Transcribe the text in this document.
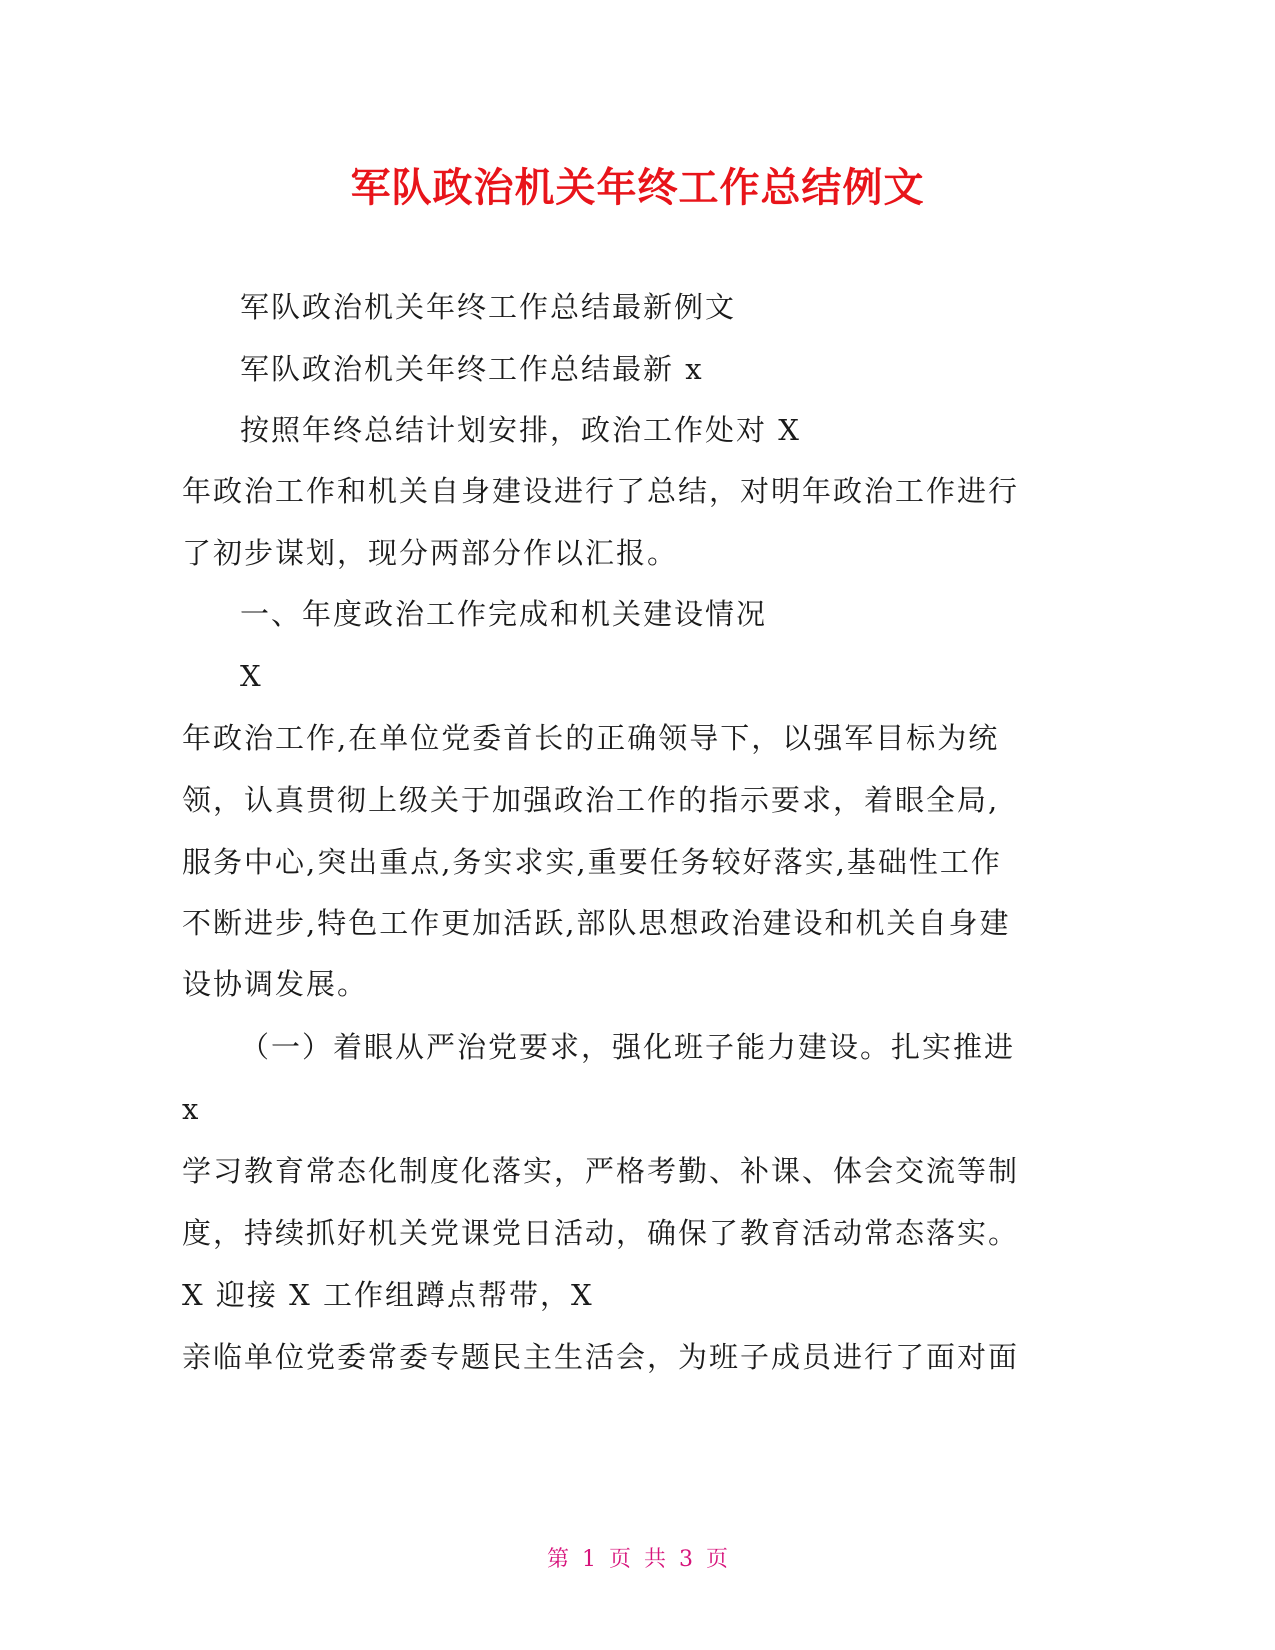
军队政治机关年终工作总结例文
军队政治机关年终工作总结最新例文
军队政治机关年终工作总结最新 x
按照年终总结计划安排，政治工作处对 X
年政治工作和机关自身建设进行了总结，对明年政治工作进行
了初步谋划，现分两部分作以汇报。
一、年度政治工作完成和机关建设情况
X
年政治工作,在单位党委首长的正确领导下，以强军目标为统
领，认真贯彻上级关于加强政治工作的指示要求，着眼全局,
服务中心,突出重点,务实求实,重要任务较好落实,基础性工作
不断进步,特色工作更加活跃,部队思想政治建设和机关自身建
设协调发展。
（一）着眼从严治党要求，强化班子能力建设。扎实推进
x
学习教育常态化制度化落实，严格考勤、补课、体会交流等制
度，持续抓好机关党课党日活动，确保了教育活动常态落实。
X 迎接 X 工作组蹲点帮带，X
亲临单位党委常委专题民主生活会，为班子成员进行了面对面
第 1 页 共 3 页
